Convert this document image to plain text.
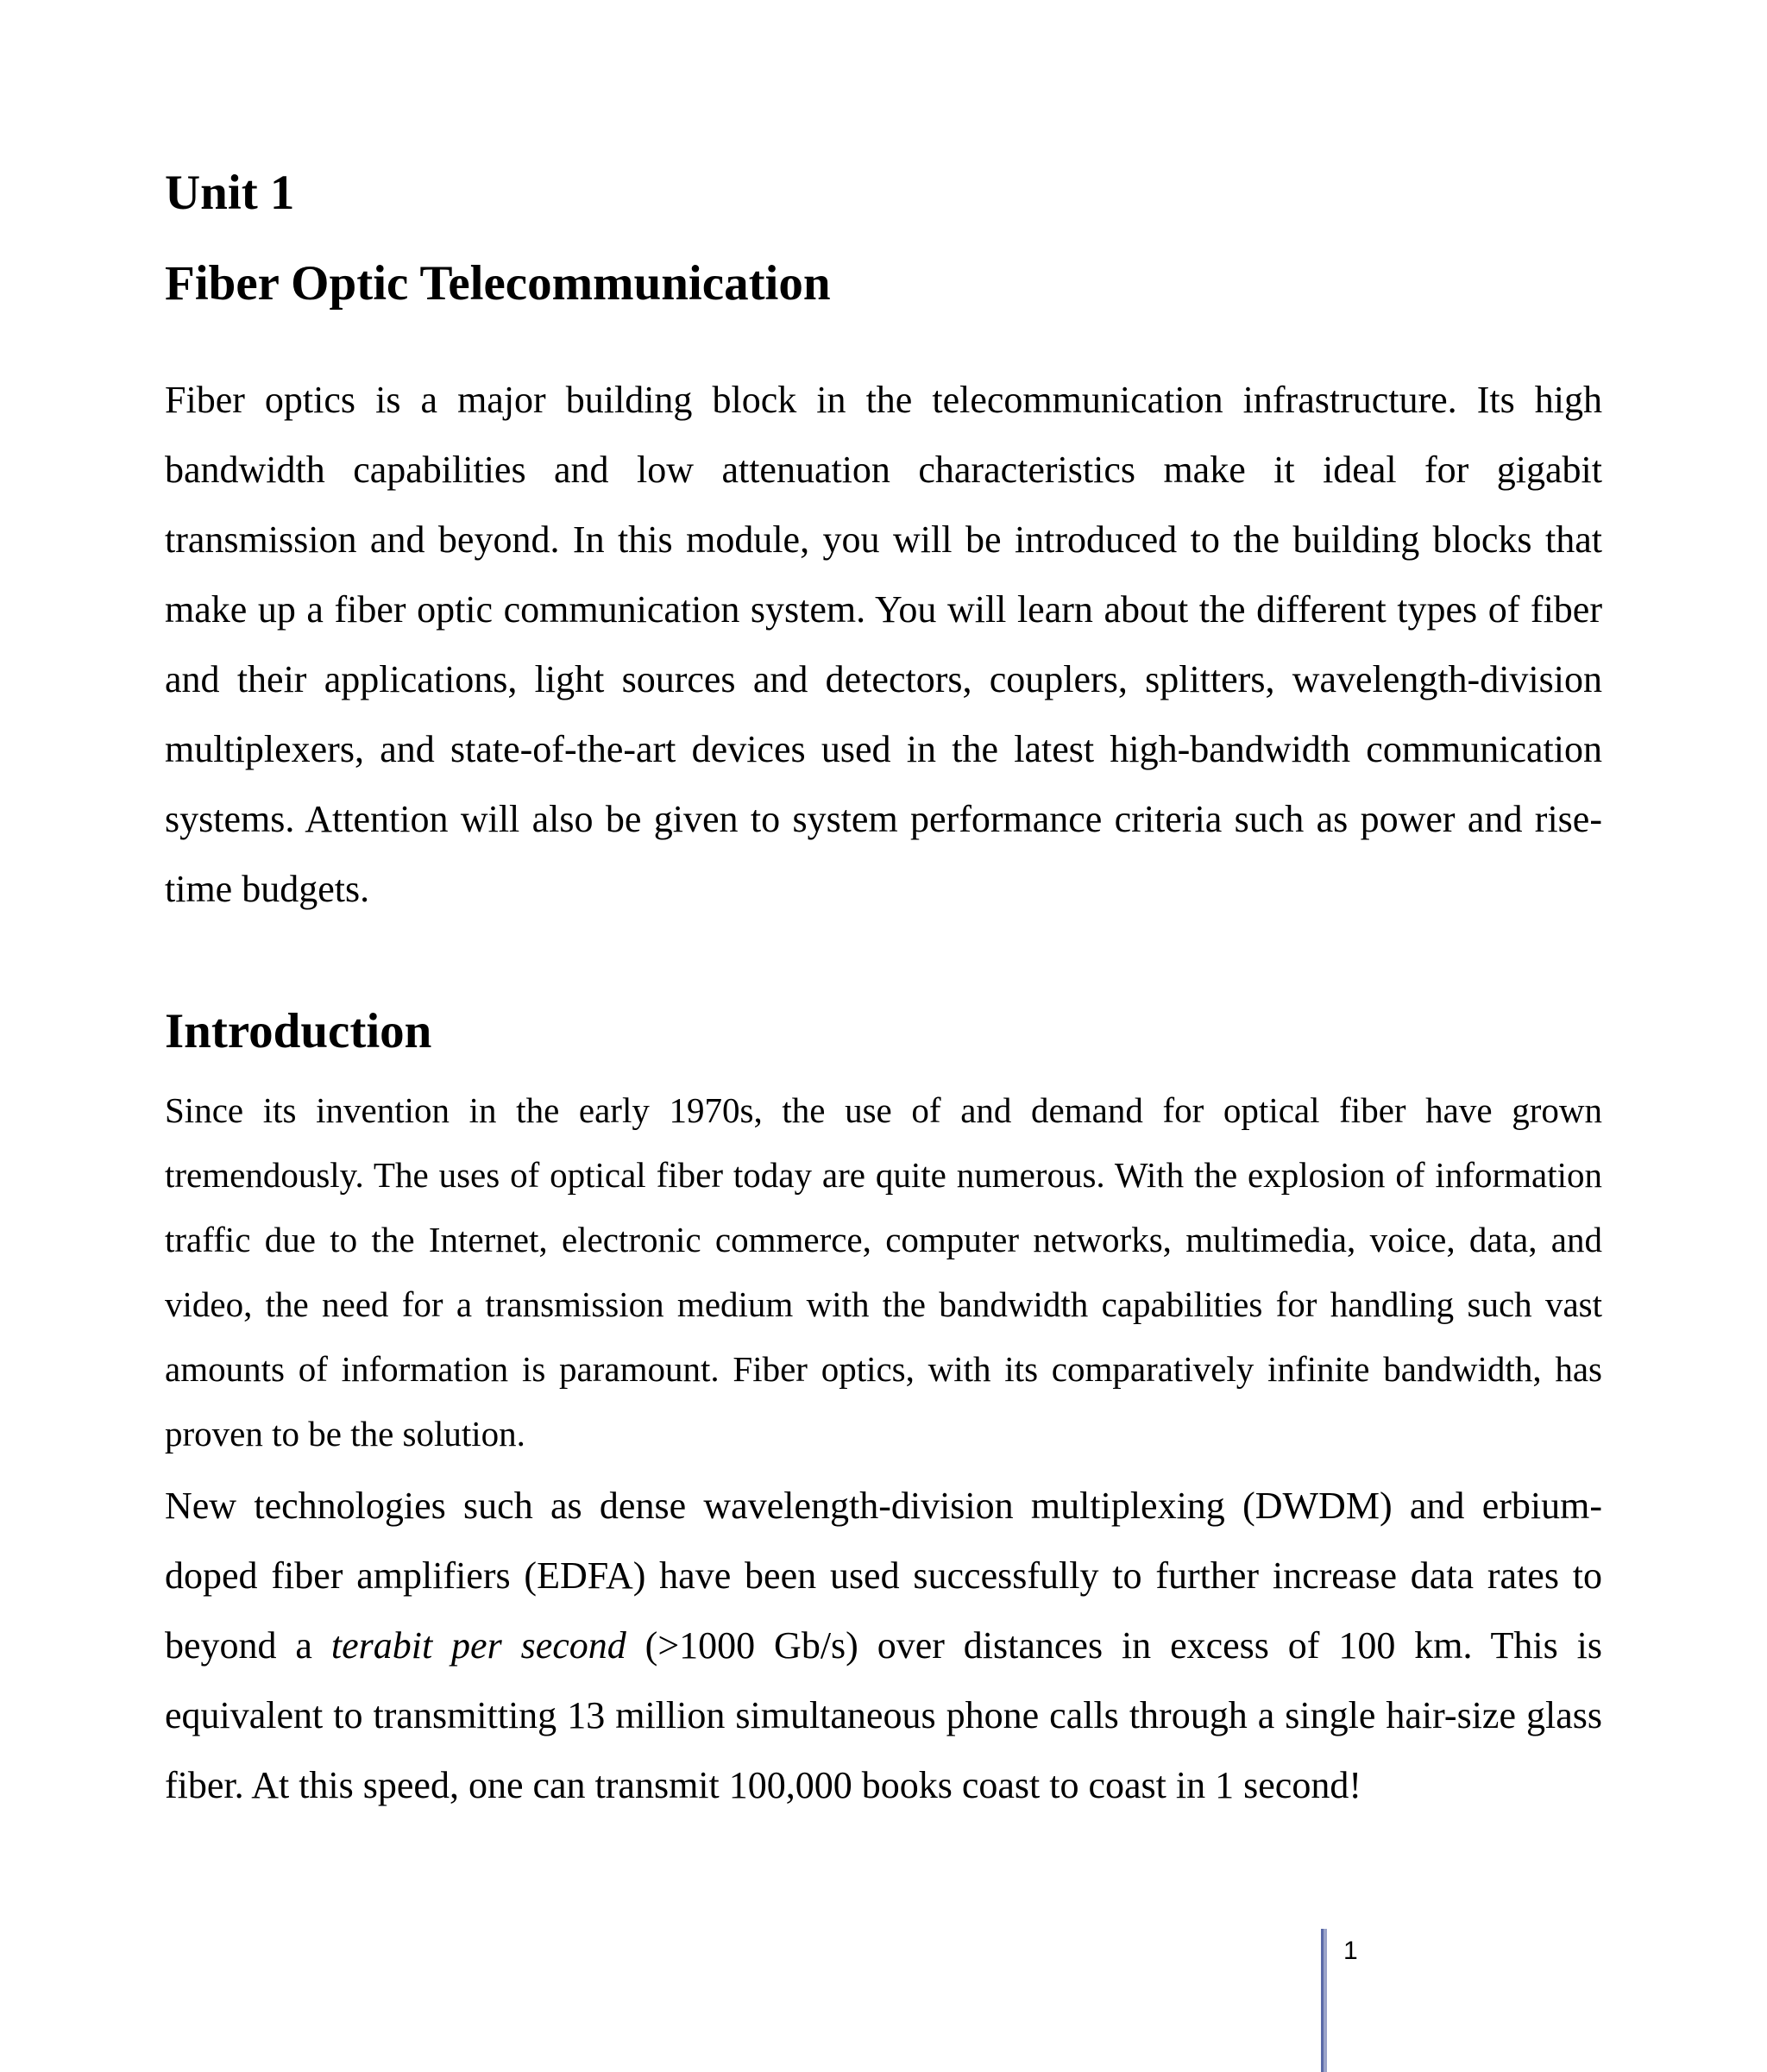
Unit 1
Fiber Optic Telecommunication

Fiber optics is a major building block in the telecommunication infrastructure. Its high bandwidth capabilities and low attenuation characteristics make it ideal for gigabit transmission and beyond. In this module, you will be introduced to the building blocks that make up a fiber optic communication system. You will learn about the different types of fiber and their applications, light sources and detectors, couplers, splitters, wavelength-division multiplexers, and state-of-the-art devices used in the latest high-bandwidth communication systems. Attention will also be given to system performance criteria such as power and rise-time budgets.

Introduction

Since its invention in the early 1970s, the use of and demand for optical fiber have grown tremendously. The uses of optical fiber today are quite numerous. With the explosion of information traffic due to the Internet, electronic commerce, computer networks, multimedia, voice, data, and video, the need for a transmission medium with the bandwidth capabilities for handling such vast amounts of information is paramount. Fiber optics, with its comparatively infinite bandwidth, has proven to be the solution.

New technologies such as dense wavelength-division multiplexing (DWDM) and erbium-doped fiber amplifiers (EDFA) have been used successfully to further increase data rates to beyond a terabit per second (>1000 Gb/s) over distances in excess of 100 km. This is equivalent to transmitting 13 million simultaneous phone calls through a single hair-size glass fiber. At this speed, one can transmit 100,000 books coast to coast in 1 second!

1
